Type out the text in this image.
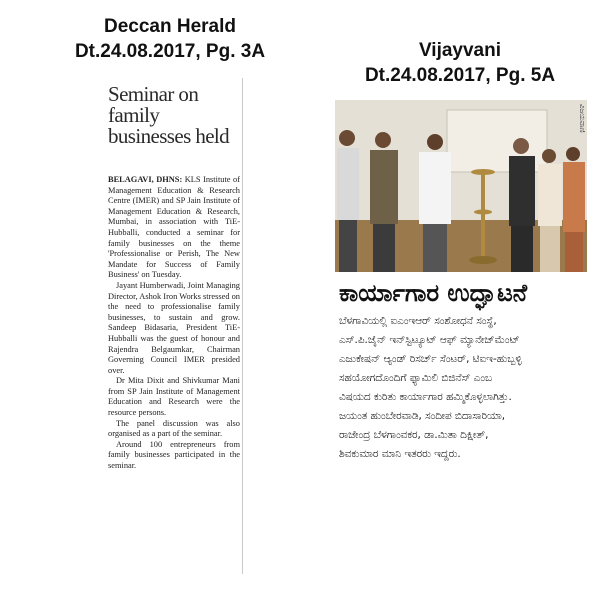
Deccan Herald
Dt.24.08.2017, Pg. 3A	Vijayvani
Dt.24.08.2017, Pg. 5A
Seminar on
family
businesses held

BELAGAVI, DHNS: KLS Institute of Management Education & Research Centre (IMER) and SP Jain Institute of Management Education & Research, Mumbai, in association with TiE-Hubballi, conducted a seminar for family businesses on the theme 'Professionalise or Perish, The New Mandate for Success of Family Business' on Tuesday.

Jayant Humberwadi, Joint Managing Director, Ashok Iron Works stressed on the need to professionalise family businesses, to sustain and grow. Sandeep Bidasaria, President TiE-Hubballi was the guest of honour and Rajendra Belgaumkar, Chairman Governing Council IMER presided over.

Dr Mita Dixit and Shivkumar Mani from SP Jain Institute of Management Education and Research were the resource persons.

The panel discussion was also organised as a part of the seminar.

Around 100 entrepreneurs from family businesses participated in the seminar.

ವಿಜಯವಾಣಿ
ಕಾರ್ಯಾಗಾರ ಉದ್ಘಾಟನೆ
ಬೆಳಗಾವಿಯಲ್ಲಿ ಐಎಂಇಆರ್ ಸಂಶೋಧನೆ ಸಂಸ್ಥೆ,
ಎಸ್.ಪಿ.ಜೈನ್ ಇನ್‌ಸ್ಟಿಟ್ಯೂಟ್ ಆಫ್ ಮ್ಯಾನೇಜ್‌ಮೆಂಟ್
ಎಜುಕೇಷನ್ ಆ್ಯಂಡ್ ರಿಸರ್ಚ್ ಸೆಂಟರ್, ಟಿಐಇ-ಹುಬ್ಬಳ್ಳಿ
ಸಹಯೋಗದೊಂದಿಗೆ ಫ್ಯಾಮಿಲಿ ಬಿಜಿನೆಸ್ ಎಂಬ
ವಿಷಯದ ಕುರಿತು ಕಾರ್ಯಾಗಾರ ಹಮ್ಮಿಕೊಳ್ಳಲಾಗಿತ್ತು.
ಜಯಂತ ಹುಂಬೇರವಾಡಿ, ಸಂದೀಪ ಬಿದಾಸಾರಿಯಾ,
ರಾಜೇಂದ್ರ ಬೆಳಗಾಂವಕರ, ಡಾ.ಮಿತಾ ದಿಕ್ಷೀತ್,
ಶಿವಕುಮಾರ ಮಾನಿ ಇತರರು ಇದ್ದರು.
